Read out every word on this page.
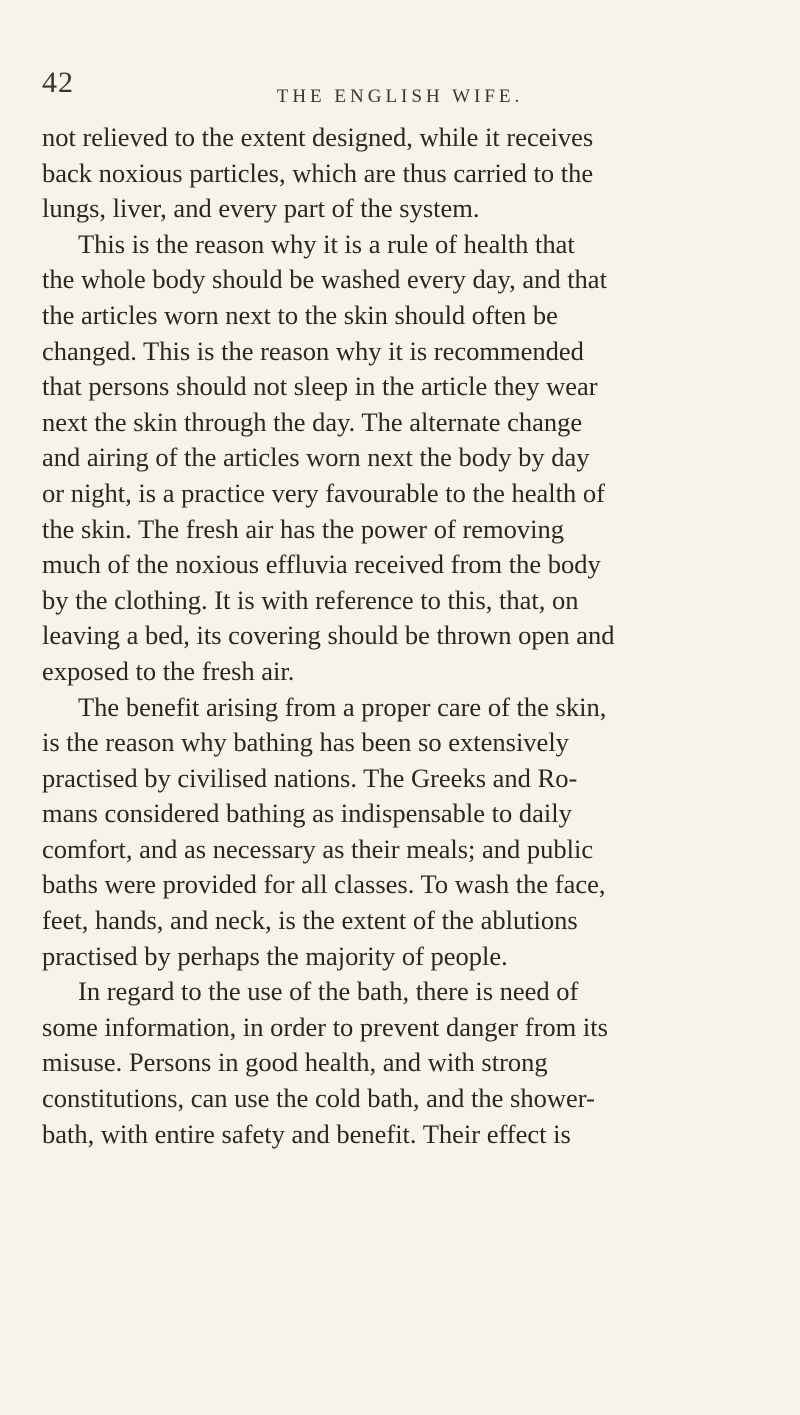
42	THE ENGLISH WIFE.
not relieved to the extent designed, while it receives
back noxious particles, which are thus carried to the
lungs, liver, and every part of the system.
This is the reason why it is a rule of health that
the whole body should be washed every day, and that
the articles worn next to the skin should often be
changed. This is the reason why it is recommended
that persons should not sleep in the article they wear
next the skin through the day. The alternate change
and airing of the articles worn next the body by day
or night, is a practice very favourable to the health of
the skin. The fresh air has the power of removing
much of the noxious effluvia received from the body
by the clothing. It is with reference to this, that, on
leaving a bed, its covering should be thrown open and
exposed to the fresh air.
The benefit arising from a proper care of the skin,
is the reason why bathing has been so extensively
practised by civilised nations. The Greeks and Ro-
mans considered bathing as indispensable to daily
comfort, and as necessary as their meals; and public
baths were provided for all classes. To wash the face,
feet, hands, and neck, is the extent of the ablutions
practised by perhaps the majority of people.
In regard to the use of the bath, there is need of
some information, in order to prevent danger from its
misuse. Persons in good health, and with strong
constitutions, can use the cold bath, and the shower-
bath, with entire safety and benefit. Their effect is
